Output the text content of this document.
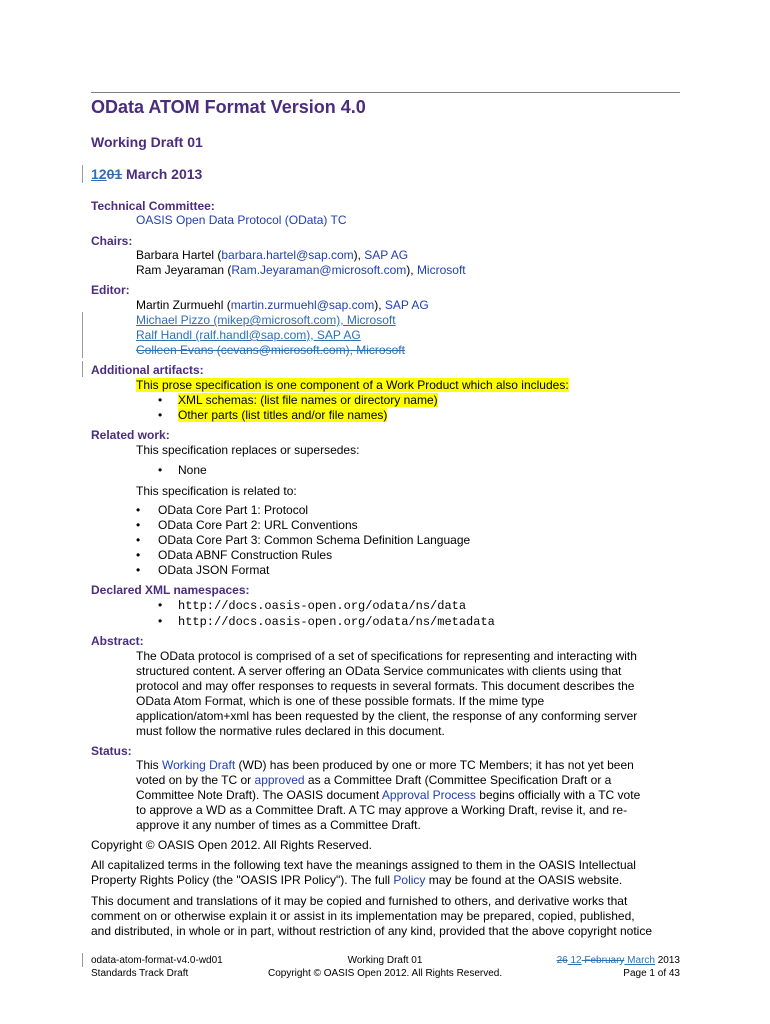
OData ATOM Format Version 4.0
Working Draft 01
1201 March 2013
Technical Committee:
OASIS Open Data Protocol (OData) TC
Chairs:
Barbara Hartel (barbara.hartel@sap.com), SAP AG
Ram Jeyaraman (Ram.Jeyaraman@microsoft.com), Microsoft
Editor:
Martin Zurmuehl (martin.zurmuehl@sap.com), SAP AG
Michael Pizzo (mikep@microsoft.com), Microsoft
Ralf Handl (ralf.handl@sap.com), SAP AG
Colleen Evans (cevans@microsoft.com), Microsoft
Additional artifacts:
This prose specification is one component of a Work Product which also includes:
• XML schemas: (list file names or directory name)
• Other parts (list titles and/or file names)
Related work:
This specification replaces or supersedes:
• None
This specification is related to:
• OData Core Part 1: Protocol
• OData Core Part 2: URL Conventions
• OData Core Part 3: Common Schema Definition Language
• OData ABNF Construction Rules
• OData JSON Format
Declared XML namespaces:
• http://docs.oasis-open.org/odata/ns/data
• http://docs.oasis-open.org/odata/ns/metadata
Abstract:
The OData protocol is comprised of a set of specifications for representing and interacting with
structured content. A server offering an OData Service communicates with clients using that
protocol and may offer responses to requests in several formats. This document describes the
OData Atom Format, which is one of these possible formats. If the mime type
application/atom+xml has been requested by the client, the response of any conforming server
must follow the normative rules declared in this document.
Status:
This Working Draft (WD) has been produced by one or more TC Members; it has not yet been
voted on by the TC or approved as a Committee Draft (Committee Specification Draft or a
Committee Note Draft). The OASIS document Approval Process begins officially with a TC vote
to approve a WD as a Committee Draft. A TC may approve a Working Draft, revise it, and re-
approve it any number of times as a Committee Draft.
Copyright © OASIS Open 2012. All Rights Reserved.
All capitalized terms in the following text have the meanings assigned to them in the OASIS Intellectual
Property Rights Policy (the "OASIS IPR Policy"). The full Policy may be found at the OASIS website.
This document and translations of it may be copied and furnished to others, and derivative works that
comment on or otherwise explain it or assist in its implementation may be prepared, copied, published,
and distributed, in whole or in part, without restriction of any kind, provided that the above copyright notice
odata-atom-format-v4.0-wd01
Standards Track Draft
Working Draft 01
Copyright © OASIS Open 2012. All Rights Reserved.
26 12 February March 2013
Page 1 of 43
